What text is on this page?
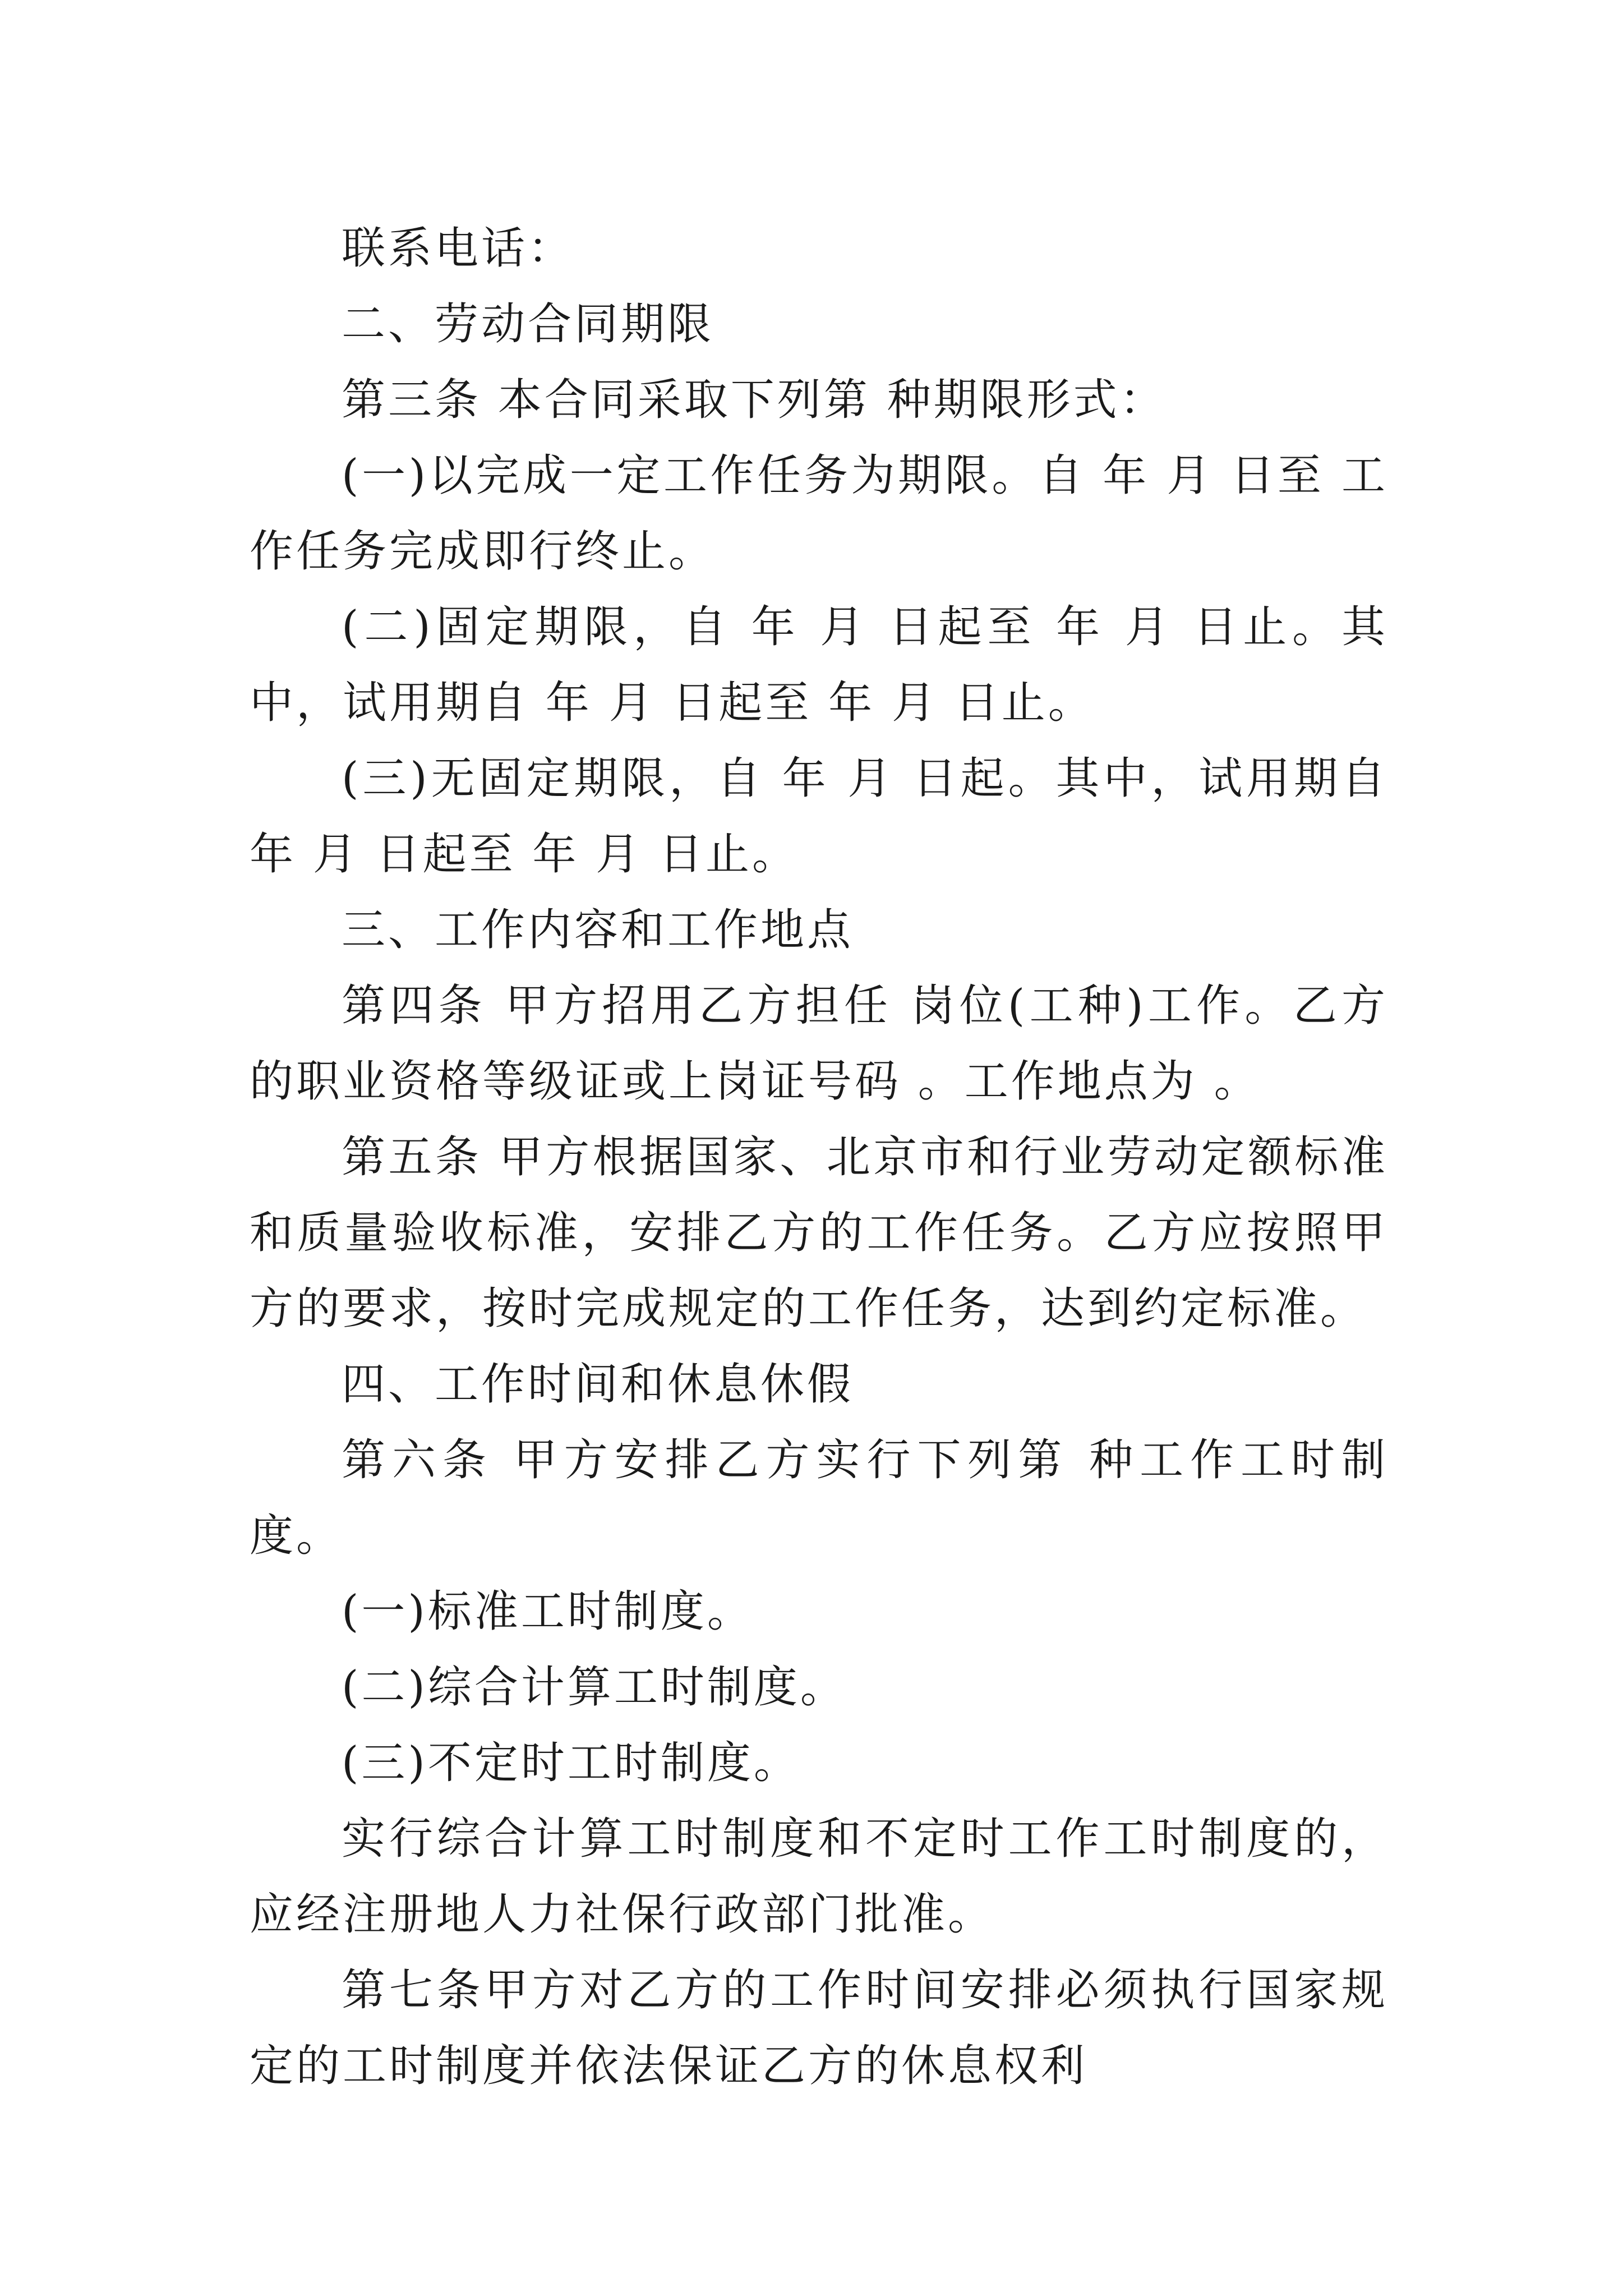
联系电话：

二、劳动合同期限

第三条 本合同采取下列第 种期限形式：

(一)以完成一定工作任务为期限。自 年 月 日至 工作任务完成即行终止。

(二)固定期限，自 年 月 日起至 年 月 日止。其中，试用期自 年 月 日起至 年 月 日止。

(三)无固定期限，自 年 月 日起。其中，试用期自 年 月 日起至 年 月 日止。

三、工作内容和工作地点

第四条 甲方招用乙方担任 岗位(工种)工作。乙方的职业资格等级证或上岗证号码 。工作地点为 。

第五条 甲方根据国家、北京市和行业劳动定额标准和质量验收标准，安排乙方的工作任务。乙方应按照甲方的要求，按时完成规定的工作任务，达到约定标准。

四、工作时间和休息休假

第六条 甲方安排乙方实行下列第 种工作工时制度。

(一)标准工时制度。

(二)综合计算工时制度。

(三)不定时工时制度。

实行综合计算工时制度和不定时工作工时制度的，应经注册地人力社保行政部门批准。

第七条甲方对乙方的工作时间安排必须执行国家规定的工时制度并依法保证乙方的休息权利
